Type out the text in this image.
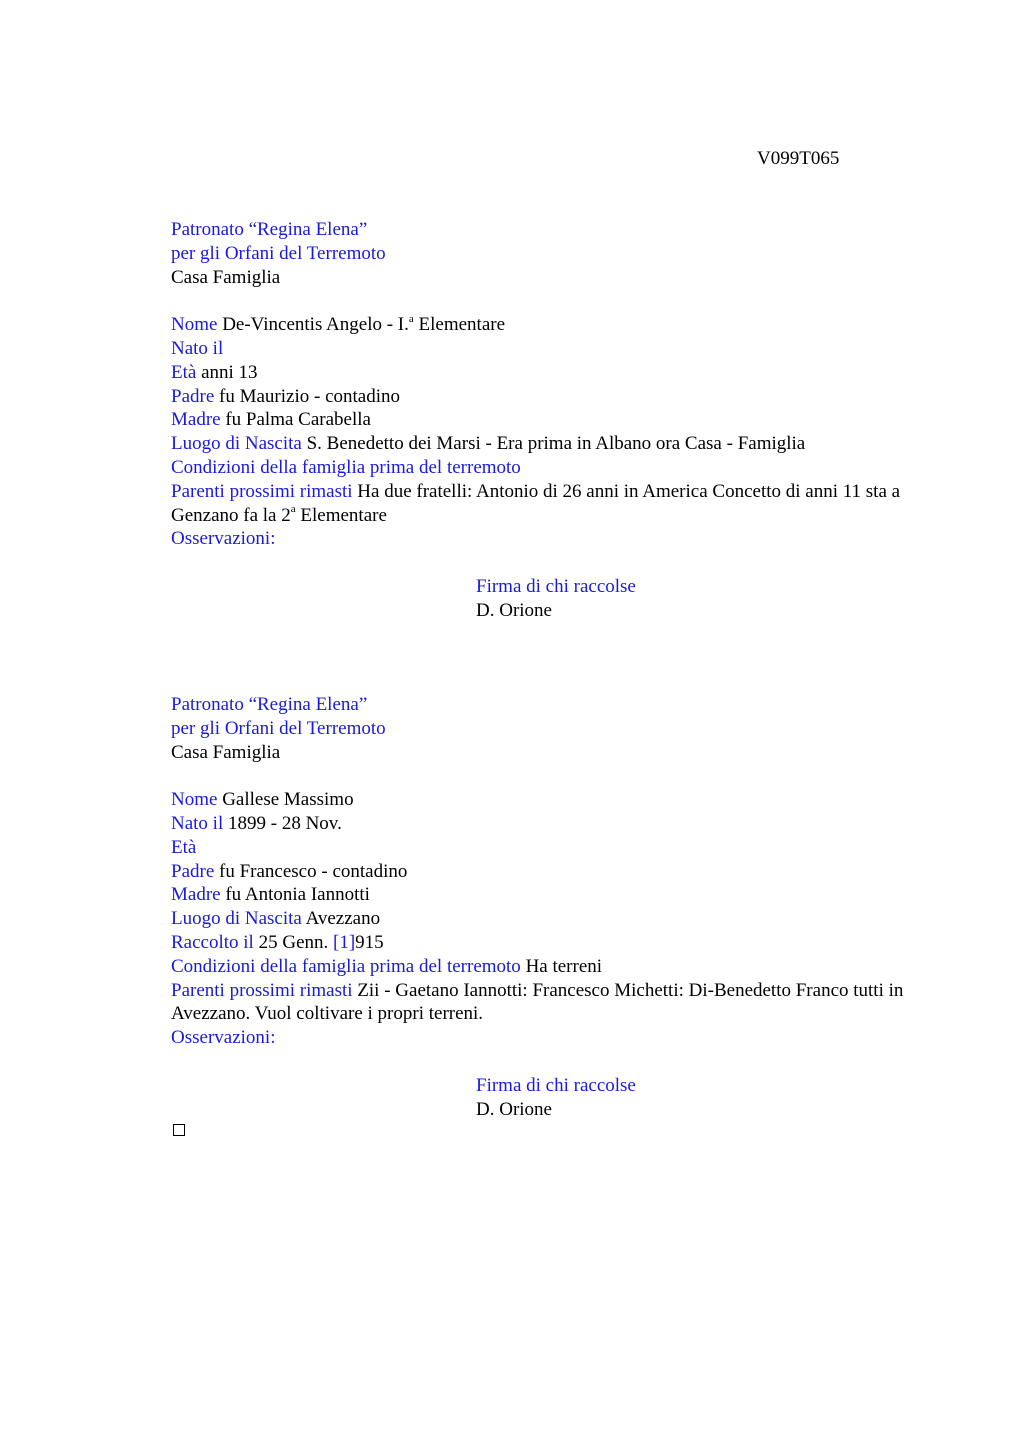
V099T065
Patronato “Regina Elena”
per gli Orfani del Terremoto
Casa Famiglia
Nome De-Vincentis Angelo - I.$^a$ Elementare
Nato il
Età anni 13
Padre fu Maurizio - contadino
Madre fu Palma Carabella
Luogo di Nascita S. Benedetto dei Marsi - Era prima in Albano ora Casa - Famiglia
Condizioni della famiglia prima del terremoto
Parenti prossimi rimasti Ha due fratelli: Antonio di 26 anni in America Concetto di anni 11 sta a Genzano fa la 2$^a$ Elementare
Osservazioni:
Firma di chi raccolse
D. Orione
Patronato “Regina Elena”
per gli Orfani del Terremoto
Casa Famiglia
Nome Gallese Massimo
Nato il 1899 - 28 Nov.
Età
Padre fu Francesco - contadino
Madre fu Antonia Iannotti
Luogo di Nascita Avezzano
Raccolto il 25 Genn. [1]915
Condizioni della famiglia prima del terremoto Ha terreni
Parenti prossimi rimasti Zii - Gaetano Iannotti: Francesco Michetti: Di-Benedetto Franco tutti in Avezzano. Vuol coltivare i propri terreni.
Osservazioni:
Firma di chi raccolse
D. Orione
